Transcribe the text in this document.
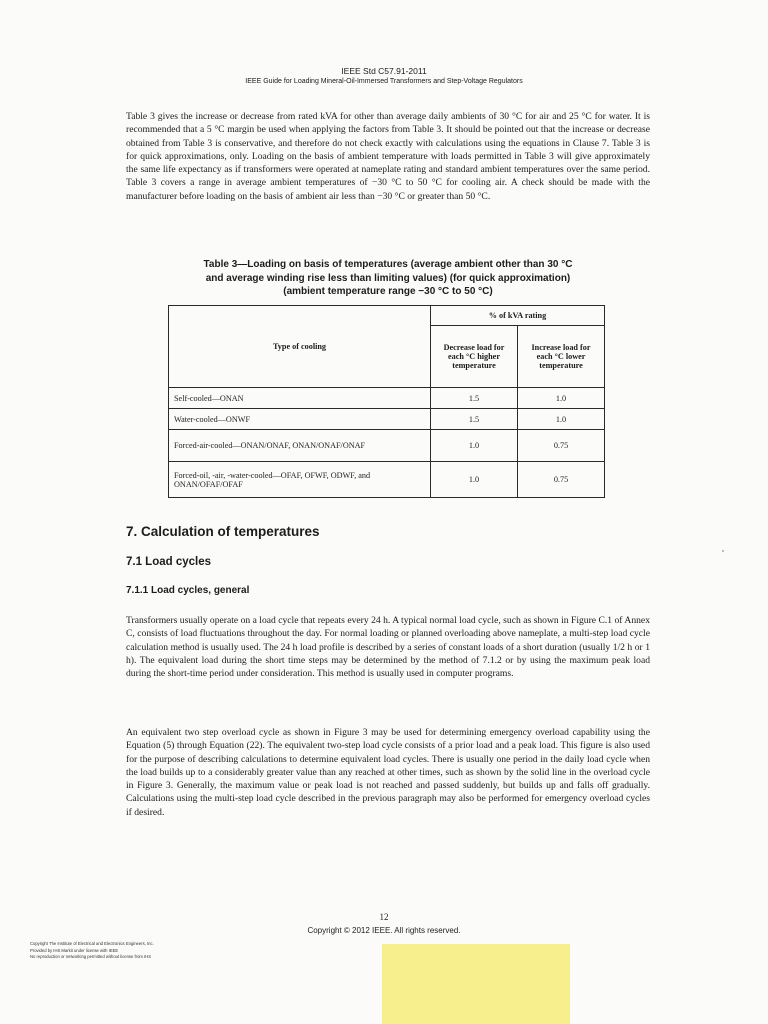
IEEE Std C57.91-2011
IEEE Guide for Loading Mineral-Oil-Immersed Transformers and Step-Voltage Regulators

Table 3 gives the increase or decrease from rated kVA for other than average daily ambients of 30 °C for air and 25 °C for water. It is recommended that a 5 °C margin be used when applying the factors from Table 3. It should be pointed out that the increase or decrease obtained from Table 3 is conservative, and therefore do not check exactly with calculations using the equations in Clause 7. Table 3 is for quick approximations, only. Loading on the basis of ambient temperature with loads permitted in Table 3 will give approximately the same life expectancy as if transformers were operated at nameplate rating and standard ambient temperatures over the same period. Table 3 covers a range in average ambient temperatures of −30 °C to 50 °C for cooling air. A check should be made with the manufacturer before loading on the basis of ambient air less than −30 °C or greater than 50 °C.

Table 3—Loading on basis of temperatures (average ambient other than 30 °C
and average winding rise less than limiting values) (for quick approximation)
(ambient temperature range −30 °C to 50 °C)
Type of cooling	% of kVA rating	
	Decrease load for each °C higher temperature	Increase load for each °C lower temperature
Self-cooled—ONAN	1.5	1.0
Water-cooled—ONWF	1.5	1.0
Forced-air-cooled—ONAN/ONAF, ONAN/ONAF/ONAF	1.0	0.75
Forced-oil, -air, -water-cooled—OFAF, OFWF, ODWF, and ONAN/OFAF/OFAF	1.0	0.75
7. Calculation of temperatures
7.1 Load cycles
7.1.1 Load cycles, general

Transformers usually operate on a load cycle that repeats every 24 h. A typical normal load cycle, such as shown in Figure C.1 of Annex C, consists of load fluctuations throughout the day. For normal loading or planned overloading above nameplate, a multi-step load cycle calculation method is usually used. The 24 h load profile is described by a series of constant loads of a short duration (usually 1/2 h or 1 h). The equivalent load during the short time steps may be determined by the method of 7.1.2 or by using the maximum peak load during the short-time period under consideration. This method is usually used in computer programs.

An equivalent two step overload cycle as shown in Figure 3 may be used for determining emergency overload capability using the Equation (5) through Equation (22). The equivalent two-step load cycle consists of a prior load and a peak load. This figure is also used for the purpose of describing calculations to determine equivalent load cycles. There is usually one period in the daily load cycle when the load builds up to a considerably greater value than any reached at other times, such as shown by the solid line in the overload cycle in Figure 3. Generally, the maximum value or peak load is not reached and passed suddenly, but builds up and falls off gradually. Calculations using the multi-step load cycle described in the previous paragraph may also be performed for emergency overload cycles if desired.

12
Copyright © 2012 IEEE. All rights reserved.
Copyright The Institute of Electrical and Electronics Engineers, Inc.
Provided by IHS Markit under license with IEEE
No reproduction or networking permitted without license from IHS
